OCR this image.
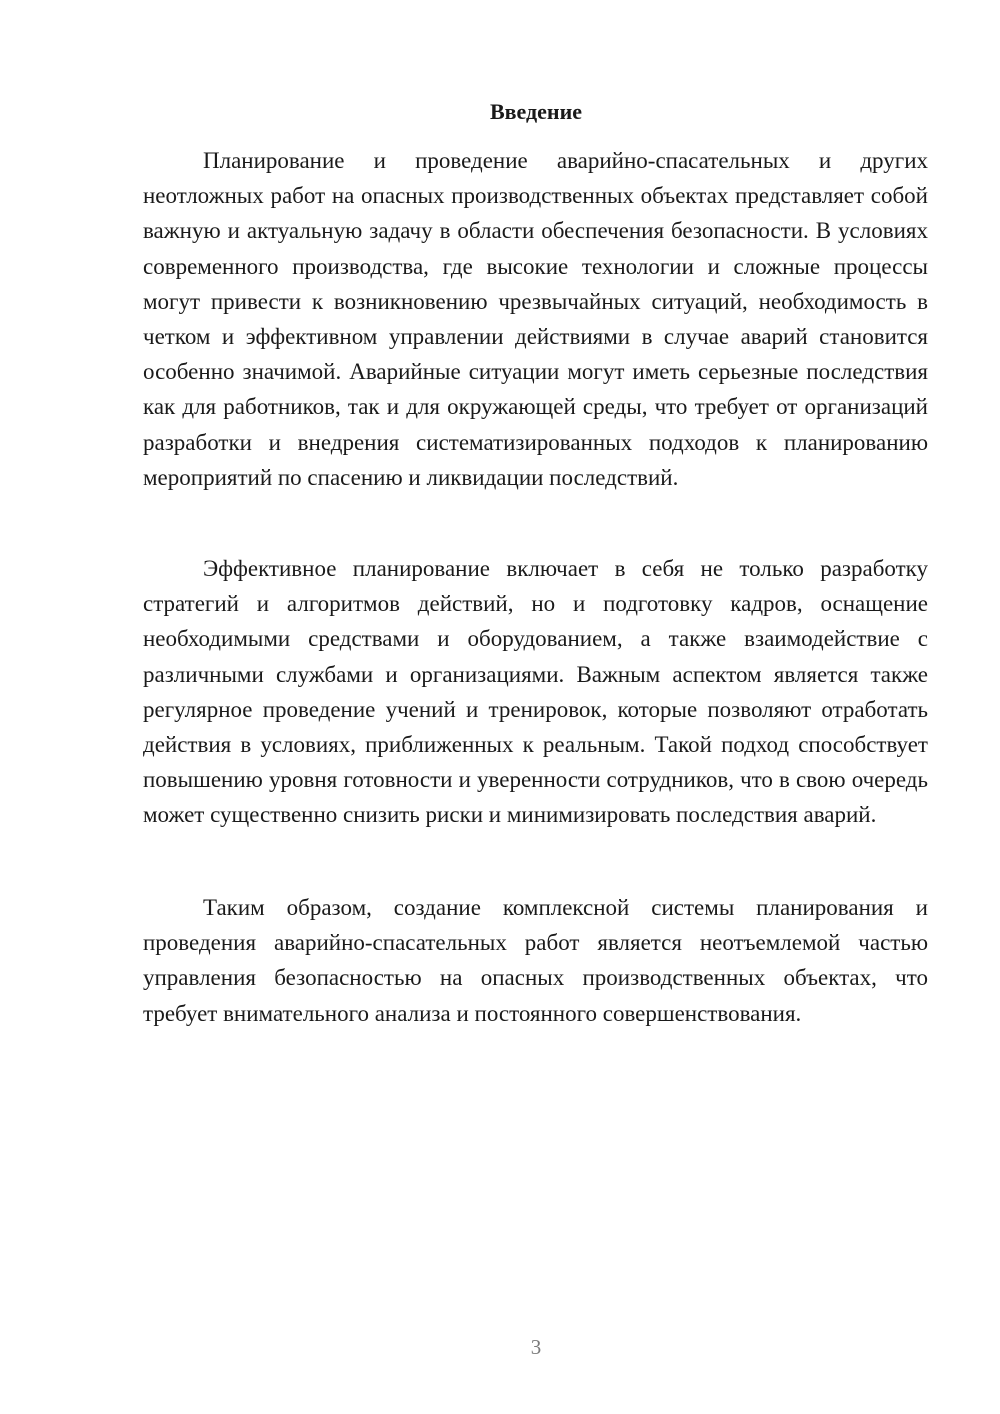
Введение

Планирование и проведение аварийно-спасательных и других неотложных работ на опасных производственных объектах представляет собой важную и актуальную задачу в области обеспечения безопасности. В условиях современного производства, где высокие технологии и сложные процессы могут привести к возникновению чрезвычайных ситуаций, необходимость в четком и эффективном управлении действиями в случае аварий становится особенно значимой. Аварийные ситуации могут иметь серьезные последствия как для работников, так и для окружающей среды, что требует от организаций разработки и внедрения систематизированных подходов к планированию мероприятий по спасению и ликвидации последствий.

Эффективное планирование включает в себя не только разработку стратегий и алгоритмов действий, но и подготовку кадров, оснащение необходимыми средствами и оборудованием, а также взаимодействие с различными службами и организациями. Важным аспектом является также регулярное проведение учений и тренировок, которые позволяют отработать действия в условиях, приближенных к реальным. Такой подход способствует повышению уровня готовности и уверенности сотрудников, что в свою очередь может существенно снизить риски и минимизировать последствия аварий.

Таким образом, создание комплексной системы планирования и проведения аварийно-спасательных работ является неотъемлемой частью управления безопасностью на опасных производственных объектах, что требует внимательного анализа и постоянного совершенствования.

3
